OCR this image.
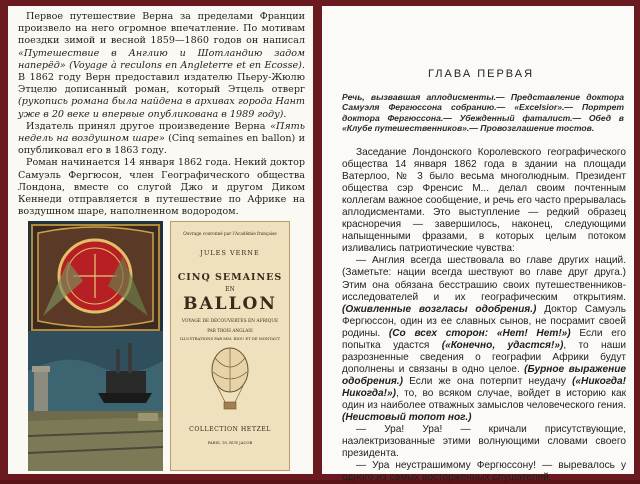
Первое путешествие Верна за пределами Франции произвело на него огромное впечатление. По мотивам поездки зимой и весной 1859—1860 годов он написал «Путешествие в Англию и Шотландию задом наперёд» (Voyage à reculons en Angleterre et en Ecosse). В 1862 году Верн предоставил издателю Пьеру-Жюлю Этцелю дописанный роман, который Этцель отверг (рукопись романа была найдена в архивах города Нант уже в 20 веке и впервые опубликована в 1989 году).

Издатель принял другое произведение Верна «Пять недель на воздушном шаре» (Cinq semaines en ballon) и опубликовал его в 1863 году.

Роман начинается 14 января 1862 года. Некий доктор Самуэль Фергюсон, член Географического общества Лондона, вместе со слугой Джо и другом Диком Кеннеди отправляется в путешествие по Африке на воздушном шаре, наполненном водородом.

Ouvrage couronné par l'Académie française
JULES VERNE
CINQ SEMAINES
EN
BALLON
VOYAGE DE DÉCOUVERTES EN AFRIQUE
PAR TROIS ANGLAIS
ILLUSTRATIONS PAR MM. RIOU ET DE MONTAUT
COLLECTION HETZEL
PARIS, 18, RUE JACOB
ГЛАВА ПЕРВАЯ
Речь, вызвавшая аплодисменты.— Представление доктора Самуэля Фергюссона собранию.— «Excelsior».— Портрет доктора Фергюссона.— Убежденный фаталист.— Обед в «Клубе путешественников».— Провозглашение тостов.

Заседание Лондонского Королевского географического общества 14 января 1862 года в здании на площади Ватерлоо, № 3 было весьма многолюдным. Президент общества сэр Френсис М... делал своим почтенным коллегам важное сообщение, и речь его часто прерывалась аплодисментами. Это выступление — редкий образец красноречия — завершилось, наконец, следующими напыщенными фразами, в которых целым потоком изливались патриотические чувства:

— Англия всегда шествовала во главе других наций. (Заметьте: нации всегда шествуют во главе друг друга.) Этим она обязана бесстрашию своих путешественников-исследователей и их географическим открытиям. (Оживленные возгласы одобрения.) Доктор Самуэль Фергюссон, один из ее славных сынов, не посрамит своей родины. (Со всех сторон: «Нет! Нет!») Если его попытка удастся («Конечно, удастся!»), то наши разрозненные сведения о географии Африки будут дополнены и связаны в одно целое. (Бурное выражение одобрения.) Если же она потерпит неудачу («Никогда! Никогда!»), то, во всяком случае, войдет в историю как один из наиболее отважных замыслов человеческого гения. (Неистовый топот ног.)

— Ура! Ура! — кричали присутствующие, наэлектризованные этими волнующими словами своего президента.

— Ура неустрашимому Фергюссону! — выревалось у одного из самых восторженных слушателей.
